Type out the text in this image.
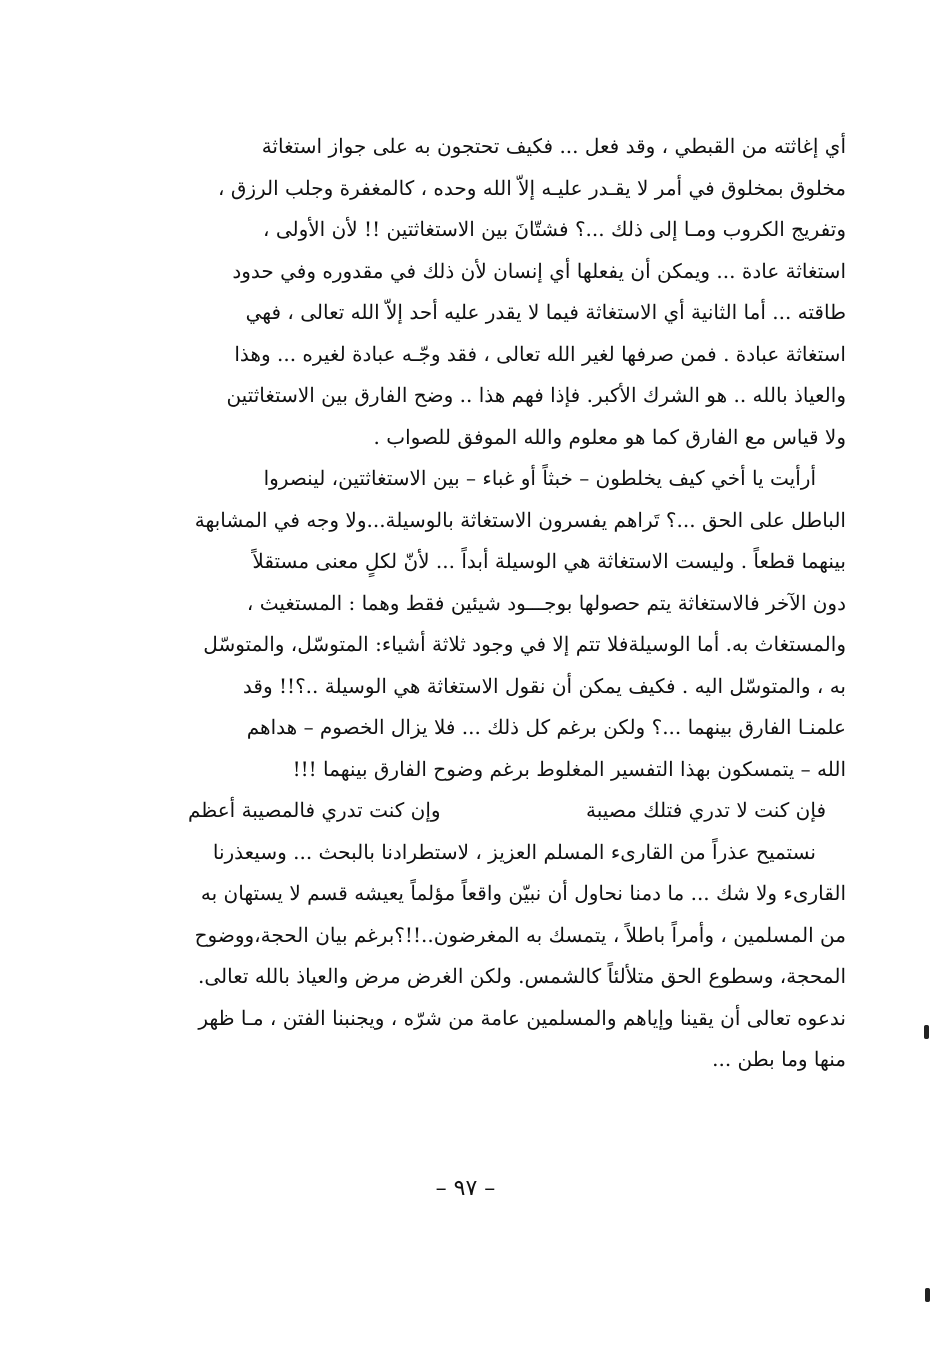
أي إغاثته من القبطي ، وقد فعل ... فكيف تحتجون به على جواز استغاثة
مخلوق بمخلوق في أمر لا يقـدر عليـه إلاّ الله وحده ، كالمغفرة وجلب الرزق ،
وتفريج الكروب ومـا إلى ذلك ...؟ فشتّانَ بين الاستغاثتين !! لأن الأولى ،
استغاثة عادة ... ويمكن أن يفعلها أي إنسان لأن ذلك في مقدوره وفي حدود
طاقته ... أما الثانية أي الاستغاثة فيما لا يقدر عليه أحد إلاّ الله تعالى ، فهي
استغاثة عبادة . فمن صرفها لغير الله تعالى ، فقد وجّـه عبادة لغيره ... وهذا
والعياذ بالله .. هو الشرك الأكبر. فإذا فهم هذا .. وضح الفارق بين الاستغاثتين
ولا قياس مع الفارق كما هو معلوم والله الموفق للصواب .
أرأيت يا أخي كيف يخلطون – خبثاً أو غباء – بين الاستغاثتين، لينصروا
الباطل على الحق ...؟ تَراهم يفسرون الاستغاثة بالوسيلة...ولا وجه في المشابهة
بينهما قطعاً . وليست الاستغاثة هي الوسيلة أبداً ... لأنّ لكلٍ معنى مستقلاً
دون الآخر فالاستغاثة يتم حصولها بوجـــود شيئين فقط وهما : المستغيث ،
والمستغاث به. أما الوسيلةفلا تتم إلا في وجود ثلاثة أشياء: المتوسّل، والمتوسّل
به ، والمتوسّل اليه . فكيف يمكن أن نقول الاستغاثة هي الوسيلة ..؟!! وقد
علمنـا الفارق بينهما ...؟ ولكن برغم كل ذلك ... فلا يزال الخصوم – هداهم
الله – يتمسكون بهذا التفسير المغلوط برغم وضوح الفارق بينهما !!!
فإن كنت لا تدري فتلك مصيبة
وإن كنت تدري فالمصيبة أعظم
نستميح عذراً من القارىء المسلم العزيز ، لاستطرادنا بالبحث ... وسيعذرنا
القارىء ولا شك ... ما دمنا نحاول أن نبيّن واقعاً مؤلماً يعيشه قسم لا يستهان به
من المسلمين ، وأمراً باطلاً ، يتمسك به المغرضون..!!؟برغم بيان الحجة،ووضوح
المحجة، وسطوع الحق متلألئاً كالشمس. ولكن الغرض مرض والعياذ بالله تعالى.
ندعوه تعالى أن يقينا وإياهم والمسلمين عامة من شرّه ، ويجنبنا الفتن ، مـا ظهر
منها وما بطن ...
– ٩٧ –
